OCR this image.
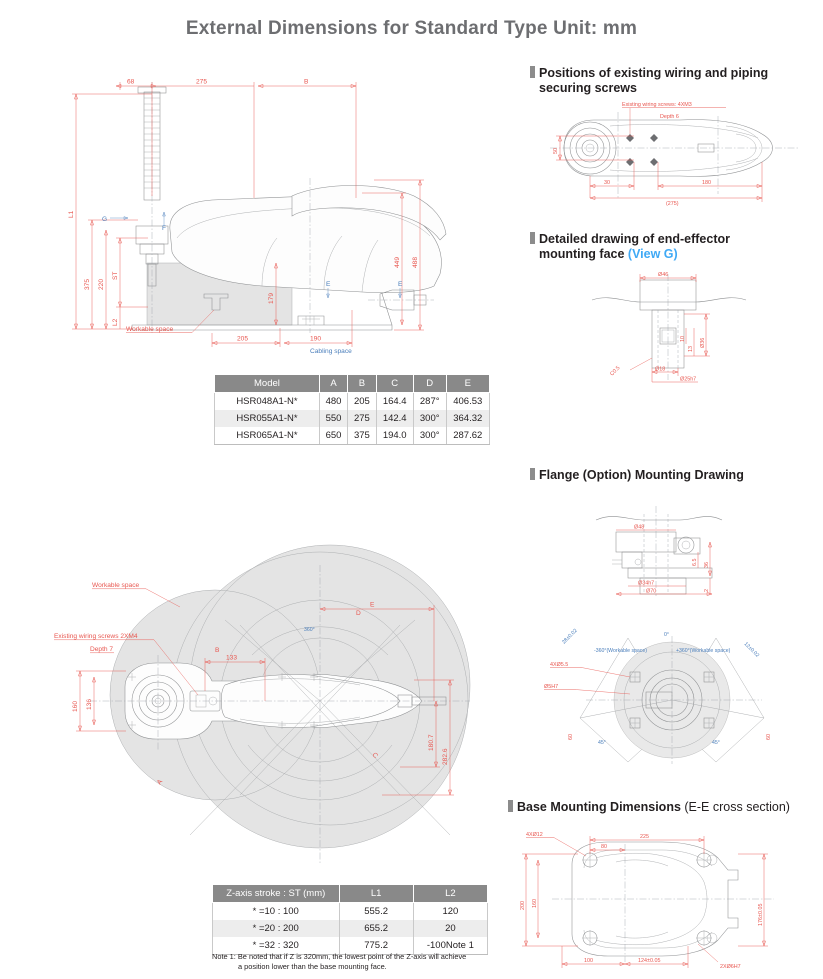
External Dimensions for Standard Type Unit: mm
68	275	B
L1
375 220
ST
L2
179
449 488
205	190
G
F
E	E
Workable space
Cabling space
Model	A	B	C	D	E
HSR048A1-N*	480	205	164.4	287°	406.53
HSR055A1-N*	550	275	142.4	300°	364.32
HSR065A1-N*	650	375	194.0	300°	287.62
Workable space
Existing wiring screws 2XM4
Depth 7
133
160 136
E
180.7
282.6
360°
D
B
A
C
Z-axis stroke : ST (mm)	L1	L2
* =10 : 100	555.2	120
* =20 : 200	655.2	20
* =32 : 320	775.2	-100Note 1
Note 1: Be noted that if Z is 320mm, the lowest point of the Z-axis will achieve
a position lower than the base mounting face.
Positions of existing wiring and piping
securing screws
Existing wiring screws: 4XM3
Depth 6
50
30	180
(275)
Detailed drawing of end-effector
mounting face (View G)
Ø46
Ø36
13
10
C0.5	Ø18
Ø25h7
Flange (Option) Mounting Drawing
Ø48
6.5 36
2
Ø34h7
Ø70
28±0.02
12±0.02
0°
-360°(Workable space)	+360°(Workable space)
4XØ5.5
Ø5H7
60	60
45°	45°
Base Mounting Dimensions (E-E cross section)
225
80
4XØ12
200 160
176±0.05
100	124±0.05
2XØ6H7
